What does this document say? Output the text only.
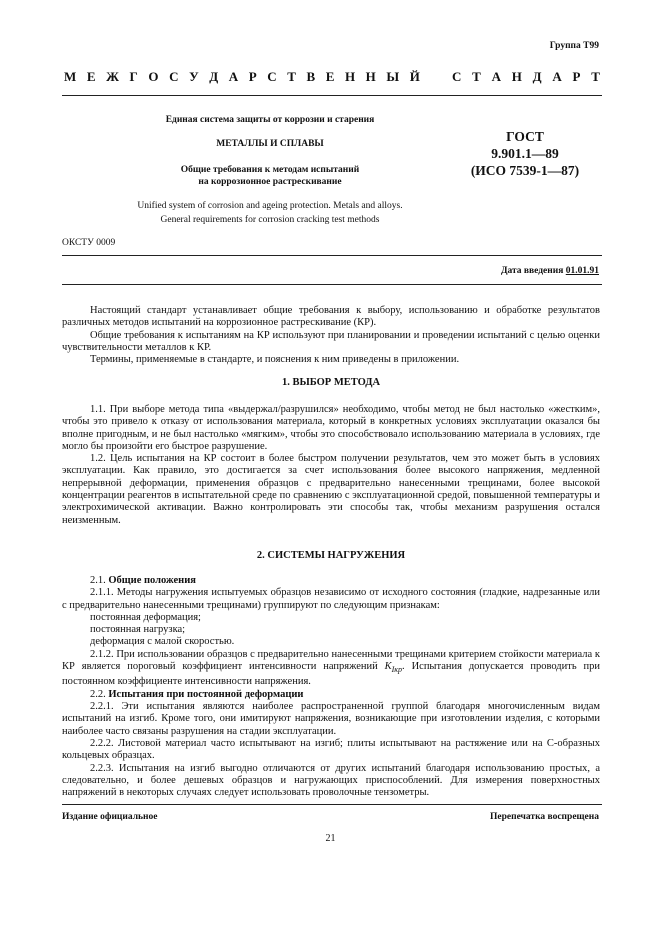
Группа Т99
М Е Ж Г О С У Д А Р С Т В Е Н Н Ы Й С Т А Н Д А Р Т
Единая система защиты от коррозии и старения
МЕТАЛЛЫ И СПЛАВЫ
Общие требования к методам испытаний
на коррозионное растрескивание
Unified system of corrosion and ageing protection. Metals and alloys.
General requirements for corrosion cracking test methods
ГОСТ
9.901.1—89
(ИСО 7539-1—87)
ОКСТУ 0009
Дата введения 01.01.91

Настоящий стандарт устанавливает общие требования к выбору, использованию и обработке результатов различных методов испытаний на коррозионное растрескивание (КР).

Общие требования к испытаниям на КР используют при планировании и проведении испытаний с целью оценки чувствительности металлов к КР.

Термины, применяемые в стандарте, и пояснения к ним приведены в приложении.

1. ВЫБОР МЕТОДА

1.1. При выборе метода типа «выдержал/разрушился» необходимо, чтобы метод не был настолько «жестким», чтобы это привело к отказу от использования материала, который в конкретных условиях эксплуатации оказался бы вполне пригодным, и не был настолько «мягким», чтобы это способствовало использованию материала в условиях, где могло бы произойти его быстрое разрушение.

1.2. Цель испытания на КР состоит в более быстром получении результатов, чем это может быть в условиях эксплуатации. Как правило, это достигается за счет использования более высокого напряжения, медленной непрерывной деформации, применения образцов с предварительно нанесенными трещинами, более высокой концентрации реагентов в испытательной среде по сравнению с эксплуатационной средой, повышенной температуры и электрохимической активации. Важно контролировать эти способы так, чтобы механизм разрушения остался неизменным.

2. СИСТЕМЫ НАГРУЖЕНИЯ

2.1. Общие положения

2.1.1. Методы нагружения испытуемых образцов независимо от исходного состояния (гладкие, надрезанные или с предварительно нанесенными трещинами) группируют по следующим признакам:

постоянная деформация;

постоянная нагрузка;

деформация с малой скоростью.

2.1.2. При использовании образцов с предварительно нанесенными трещинами критерием стойкости материала к КР является пороговый коэффициент интенсивности напряжений $K_{Iкр}$. Испытания допускается проводить при постоянном коэффициенте интенсивности напряжения.

2.2. Испытания при постоянной деформации

2.2.1. Эти испытания являются наиболее распространенной группой благодаря многочисленным видам испытаний на изгиб. Кроме того, они имитируют напряжения, возникающие при изготовлении изделия, с которыми наиболее часто связаны разрушения на стадии эксплуатации.

2.2.2. Листовой материал часто испытывают на изгиб; плиты испытывают на растяжение или на С-образных кольцевых образцах.

2.2.3. Испытания на изгиб выгодно отличаются от других испытаний благодаря использованию простых, а следовательно, и более дешевых образцов и нагружающих приспособлений. Для измерения поверхностных напряжений в некоторых случаях следует использовать проволочные тензометры.

Издание официальное	Перепечатка воспрещена
21
